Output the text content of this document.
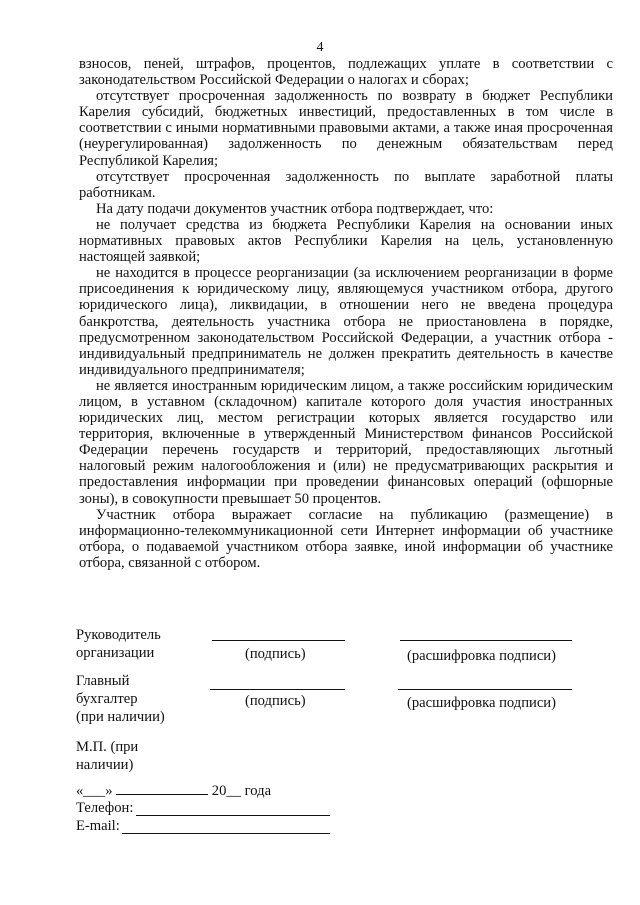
4

взносов, пеней, штрафов, процентов, подлежащих уплате в соответствии с законодательством Российской Федерации о налогах и сборах;

отсутствует просроченная задолженность по возврату в бюджет Республики Карелия субсидий, бюджетных инвестиций, предоставленных в том числе в соответствии с иными нормативными правовыми актами, а также иная просроченная (неурегулированная) задолженность по денежным обязательствам перед Республикой Карелия;

отсутствует просроченная задолженность по выплате заработной платы работникам.

На дату подачи документов участник отбора подтверждает, что:

не получает средства из бюджета Республики Карелия на основании иных нормативных правовых актов Республики Карелия на цель, установленную настоящей заявкой;

не находится в процессе реорганизации (за исключением реорганизации в форме присоединения к юридическому лицу, являющемуся участником отбора, другого юридического лица), ликвидации, в отношении него не введена процедура банкротства, деятельность участника отбора не приостановлена в порядке, предусмотренном законодательством Российской Федерации, а участник отбора - индивидуальный предприниматель не должен прекратить деятельность в качестве индивидуального предпринимателя;

не является иностранным юридическим лицом, а также российским юридическим лицом, в уставном (складочном) капитале которого доля участия иностранных юридических лиц, местом регистрации которых является государство или территория, включенные в утвержденный Министерством финансов Российской Федерации перечень государств и территорий, предоставляющих льготный налоговый режим налогообложения и (или) не предусматривающих раскрытия и предоставления информации при проведении финансовых операций (офшорные зоны), в совокупности превышает 50 процентов.

Участник отбора выражает согласие на публикацию (размещение) в информационно-телекоммуникационной сети Интернет информации об участнике отбора, о подаваемой участником отбора заявке, иной информации об участнике отбора, связанной с отбором.

Руководитель
организации	(подпись)	(расшифровка подписи)
Главный
бухгалтер
(при наличии)
(подпись)	(расшифровка подписи)
М.П. (при
наличии)
«___»	20__ года
Телефон:
E-mail:
